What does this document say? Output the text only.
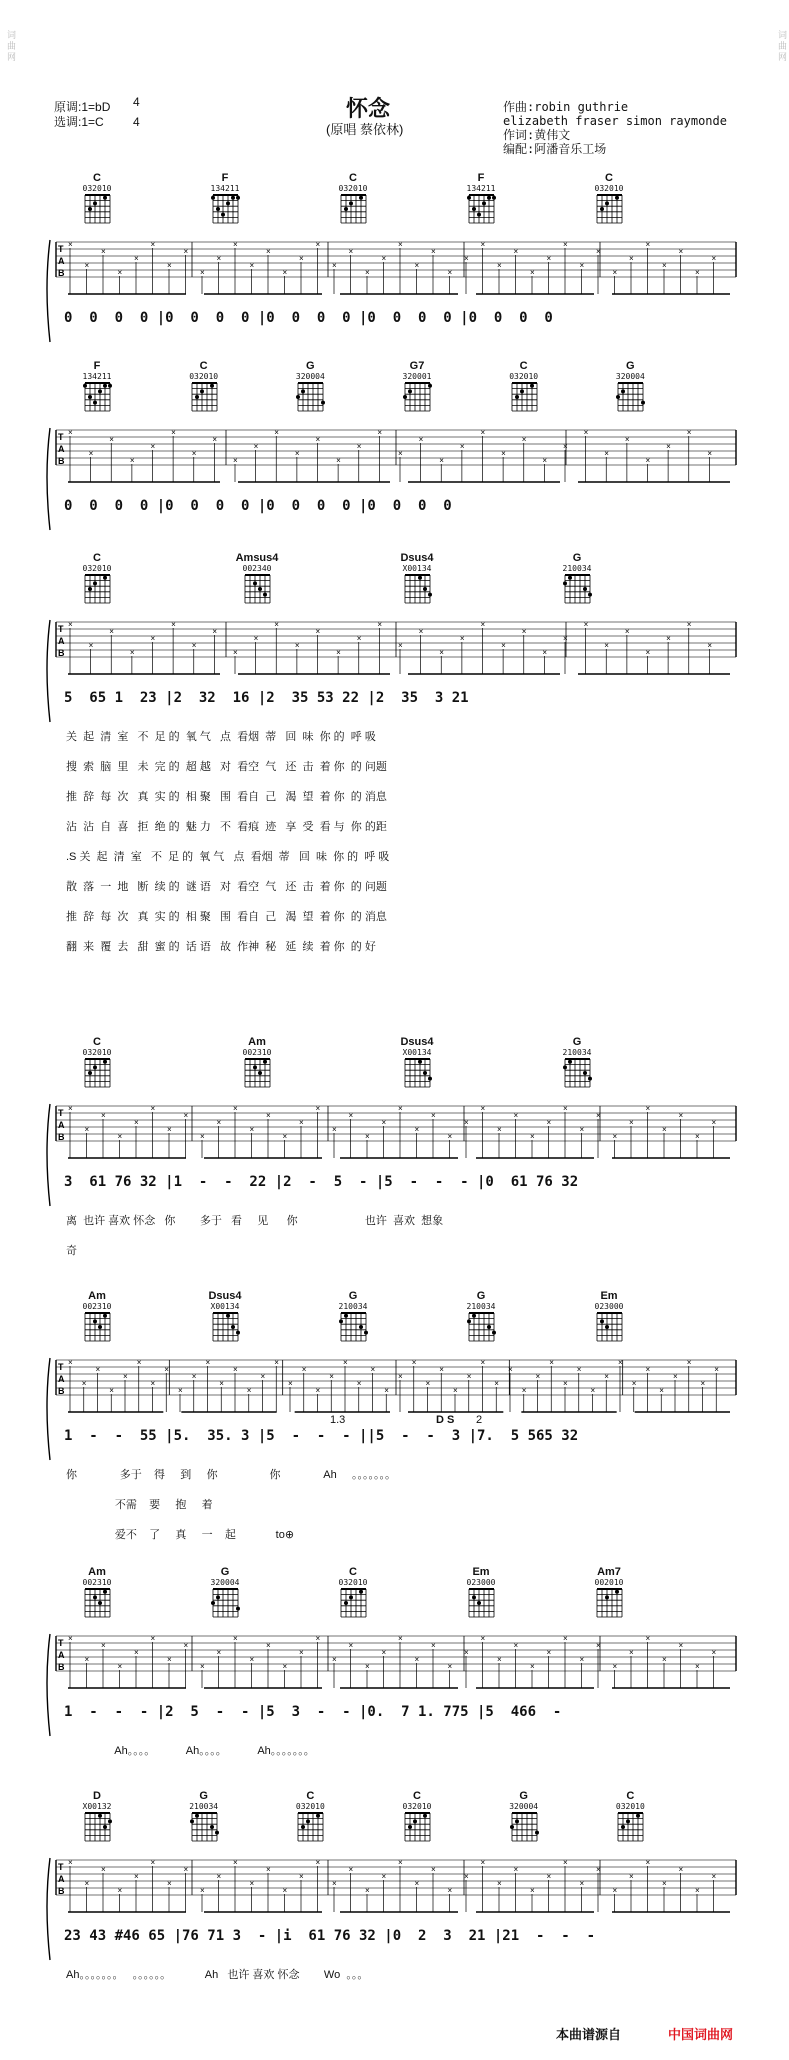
词曲网	词曲网
原调:1=bD
选调:1=C
4
4
怀念
(原唱 蔡依林)
作曲:robin guthrie
elizabeth fraser simon raymonde
作词:黄伟文
编配:阿潘音乐工场
C
032010
F
134211
C
032010
F
134211
C
032010
T
A
B
×
×
×
×
×
×
×
×
×
×
×
×
×
×
×
×
×
×
×
×
×
×
×
×
×
×
×
×
×
×
×
×
×
×
×
×
×
×
×
×
0  0  0  0 |0  0  0  0 |0  0  0  0 |0  0  0  0 |0  0  0  0
F
134211
C
032010
G
320004
G7
320001
C
032010
G
320004
T
A
B
×
×
×
×
×
×
×
×
×
×
×
×
×
×
×
×
×
×
×
×
×
×
×
×
×
×
×
×
×
×
×
×
0  0  0  0 |0  0  0  0 |0  0  0  0 |0  0  0  0
C
032010
Amsus4
002340
Dsus4
X00134
G
210034
T
A
B
×
×
×
×
×
×
×
×
×
×
×
×
×
×
×
×
×
×
×
×
×
×
×
×
×
×
×
×
×
×
×
×
5  65 1  23 |2  32  16 |2  35 53 22 |2  35  3 21
关  起  清  室   不  足 的  氧 气   点  看烟  蒂   回  味  你 的  呼 吸
搜  索  脑  里   未  完 的  超 越   对  看空  气   还  击  着 你  的 问题
推  辞  每  次   真  实 的  相 聚   围  看自  己   渴  望  着 你  的 消息
沾  沾  自  喜   拒  绝 的  魅 力   不  看痕  迹   享  受  看 与  你 的距
.S 关  起  清  室   不  足 的  氧 气   点  看烟  蒂   回  味  你 的  呼 吸
散  落  一  地   断  续 的  谜 语   对  看空  气   还  击  着 你  的 问题
推  辞  每  次   真  实 的  相 聚   围  看自  己   渴  望  着 你  的 消息
翻  来  覆  去   甜  蜜 的  话 语   故  作神  秘   延  续  着 你  的 好
C
032010
Am
002310
Dsus4
X00134
G
210034
T
A
B
×
×
×
×
×
×
×
×
×
×
×
×
×
×
×
×
×
×
×
×
×
×
×
×
×
×
×
×
×
×
×
×
×
×
×
×
×
×
×
×
3  61 76 32 |1  -  -  22 |2  -  5  - |5  -  -  - |0  61 76 32
离  也许 喜欢 怀念   你        多于   看     见      你                      也许  喜欢  想象
奇
Am
002310
Dsus4
X00134
G
210034
G
210034
Em
023000
T
A
B
×
×
×
×
×
×
×
×
×
×
×
×
×
×
×
×
×
×
×
×
×
×
×
×
×
×
×
×
×
×
×
×
×
×
×
×
×
×
×
×
×
×
×
×
×
×
×
×
1  -  -  55 |5.  35. 3 |5  -  -  - ||5  -  -  3 |7.  5 565 32
1.3	D S 2
你              多于    得     到     你                 你              Ah     。。。。。。。
不需    要     抱     着
爱不    了     真     一    起             to⊕
Am
002310
G
320004
C
032010
Em
023000
Am7
002010
T
A
B
×
×
×
×
×
×
×
×
×
×
×
×
×
×
×
×
×
×
×
×
×
×
×
×
×
×
×
×
×
×
×
×
×
×
×
×
×
×
×
×
1  -  -  - |2  5  -  - |5  3  -  - |0.  7 1. 775 |5  466  -
Ah。。。。          Ah。。。。          Ah。。。。。。。
D
X00132
G
210034
C
032010
C
032010
G
320004
C
032010
T
A
B
×
×
×
×
×
×
×
×
×
×
×
×
×
×
×
×
×
×
×
×
×
×
×
×
×
×
×
×
×
×
×
×
×
×
×
×
×
×
×
×
23 43 #46 65 |76 71 3  - |i  61 76 32 |0  2  3  21 |21  -  -  -
Ah。。。。。。。   。。。。。。           Ah   也许 喜欢 怀念        Wo  。。。
本曲谱源自	中国词曲网
